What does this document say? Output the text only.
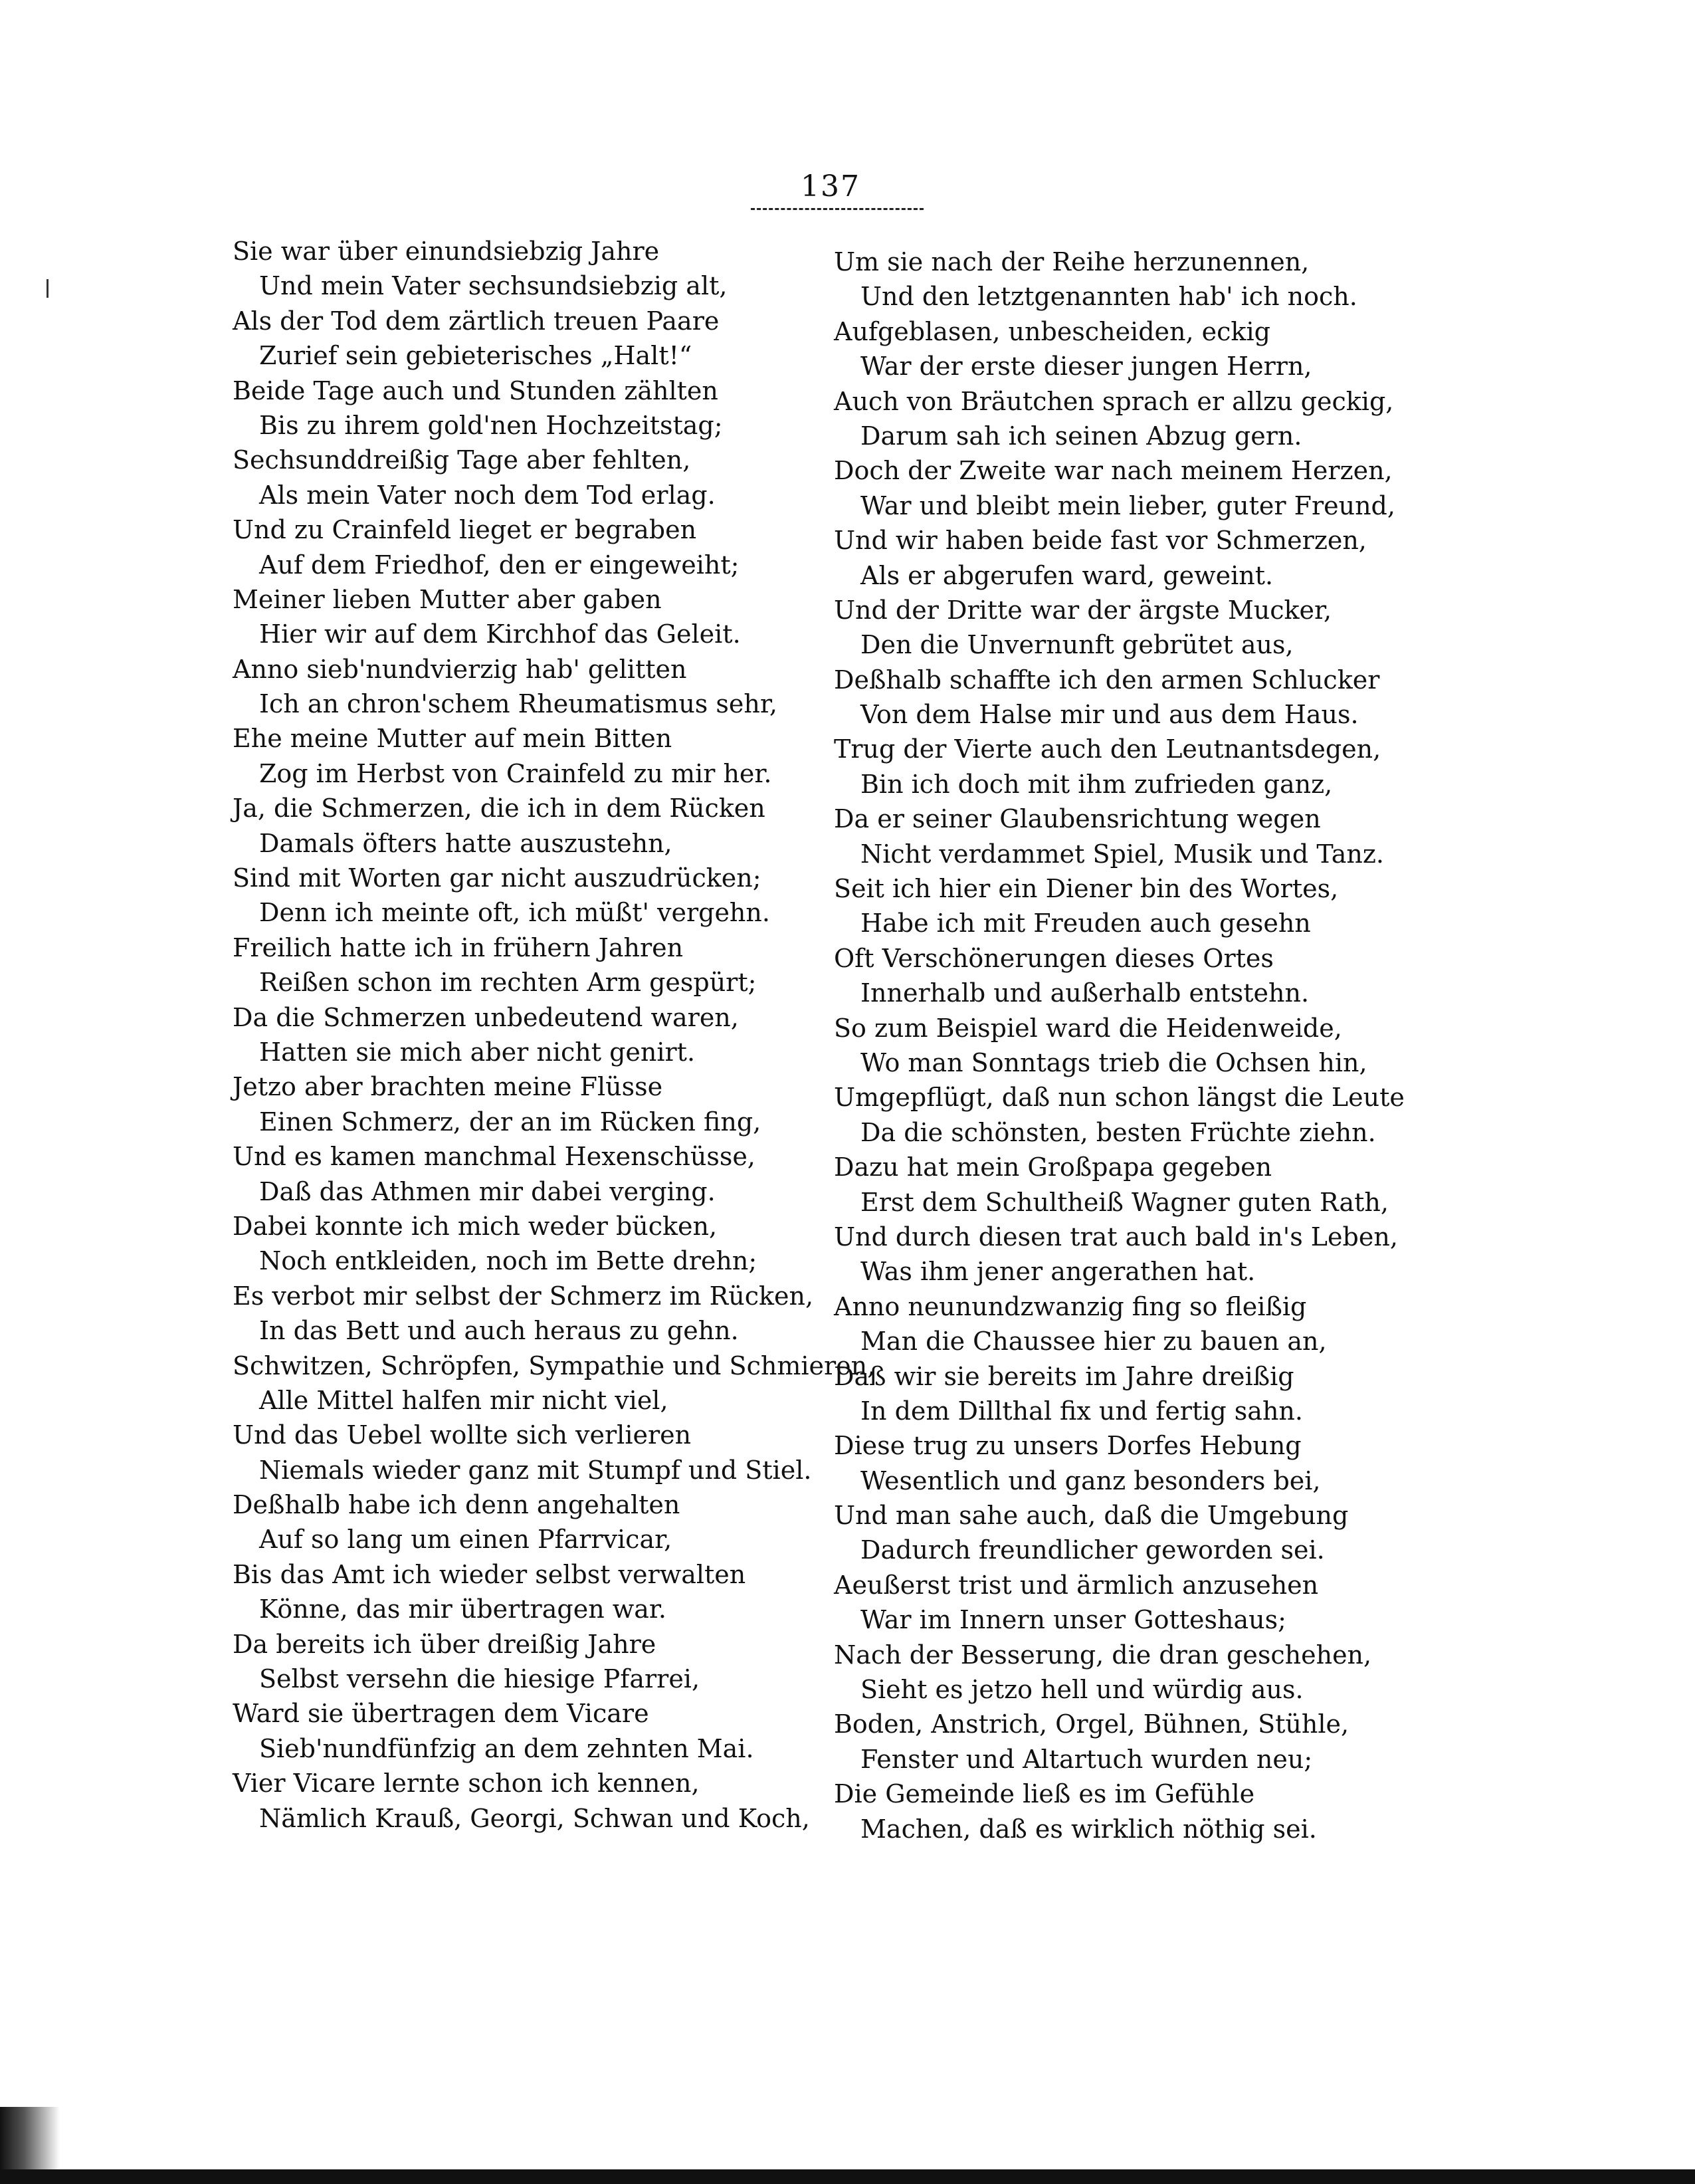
137
Sie war über einundsiebzig Jahre
Und mein Vater sechsundsiebzig alt,
Als der Tod dem zärtlich treuen Paare
Zurief sein gebieterisches „Halt!“
Beide Tage auch und Stunden zählten
Bis zu ihrem gold'nen Hochzeitstag;
Sechsunddreißig Tage aber fehlten,
Als mein Vater noch dem Tod erlag.
Und zu Crainfeld lieget er begraben
Auf dem Friedhof, den er eingeweiht;
Meiner lieben Mutter aber gaben
Hier wir auf dem Kirchhof das Geleit.
Anno sieb'nundvierzig hab' gelitten
Ich an chron'schem Rheumatismus sehr,
Ehe meine Mutter auf mein Bitten
Zog im Herbst von Crainfeld zu mir her.
Ja, die Schmerzen, die ich in dem Rücken
Damals öfters hatte auszustehn,
Sind mit Worten gar nicht auszudrücken;
Denn ich meinte oft, ich müßt' vergehn.
Freilich hatte ich in frühern Jahren
Reißen schon im rechten Arm gespürt;
Da die Schmerzen unbedeutend waren,
Hatten sie mich aber nicht genirt.
Jetzo aber brachten meine Flüsse
Einen Schmerz, der an im Rücken fing,
Und es kamen manchmal Hexenschüsse,
Daß das Athmen mir dabei verging.
Dabei konnte ich mich weder bücken,
Noch entkleiden, noch im Bette drehn;
Es verbot mir selbst der Schmerz im Rücken,
In das Bett und auch heraus zu gehn.
Schwitzen, Schröpfen, Sympathie und Schmieren,
Alle Mittel halfen mir nicht viel,
Und das Uebel wollte sich verlieren
Niemals wieder ganz mit Stumpf und Stiel.
Deßhalb habe ich denn angehalten
Auf so lang um einen Pfarrvicar,
Bis das Amt ich wieder selbst verwalten
Könne, das mir übertragen war.
Da bereits ich über dreißig Jahre
Selbst versehn die hiesige Pfarrei,
Ward sie übertragen dem Vicare
Sieb'nundfünfzig an dem zehnten Mai.
Vier Vicare lernte schon ich kennen,
Nämlich Krauß, Georgi, Schwan und Koch,
Um sie nach der Reihe herzunennen,
Und den letztgenannten hab' ich noch.
Aufgeblasen, unbescheiden, eckig
War der erste dieser jungen Herrn,
Auch von Bräutchen sprach er allzu geckig,
Darum sah ich seinen Abzug gern.
Doch der Zweite war nach meinem Herzen,
War und bleibt mein lieber, guter Freund,
Und wir haben beide fast vor Schmerzen,
Als er abgerufen ward, geweint.
Und der Dritte war der ärgste Mucker,
Den die Unvernunft gebrütet aus,
Deßhalb schaffte ich den armen Schlucker
Von dem Halse mir und aus dem Haus.
Trug der Vierte auch den Leutnantsdegen,
Bin ich doch mit ihm zufrieden ganz,
Da er seiner Glaubensrichtung wegen
Nicht verdammet Spiel, Musik und Tanz.
Seit ich hier ein Diener bin des Wortes,
Habe ich mit Freuden auch gesehn
Oft Verschönerungen dieses Ortes
Innerhalb und außerhalb entstehn.
So zum Beispiel ward die Heidenweide,
Wo man Sonntags trieb die Ochsen hin,
Umgepflügt, daß nun schon längst die Leute
Da die schönsten, besten Früchte ziehn.
Dazu hat mein Großpapa gegeben
Erst dem Schultheiß Wagner guten Rath,
Und durch diesen trat auch bald in's Leben,
Was ihm jener angerathen hat.
Anno neunundzwanzig fing so fleißig
Man die Chaussee hier zu bauen an,
Daß wir sie bereits im Jahre dreißig
In dem Dillthal fix und fertig sahn.
Diese trug zu unsers Dorfes Hebung
Wesentlich und ganz besonders bei,
Und man sahe auch, daß die Umgebung
Dadurch freundlicher geworden sei.
Aeußerst trist und ärmlich anzusehen
War im Innern unser Gotteshaus;
Nach der Besserung, die dran geschehen,
Sieht es jetzo hell und würdig aus.
Boden, Anstrich, Orgel, Bühnen, Stühle,
Fenster und Altartuch wurden neu;
Die Gemeinde ließ es im Gefühle
Machen, daß es wirklich nöthig sei.
